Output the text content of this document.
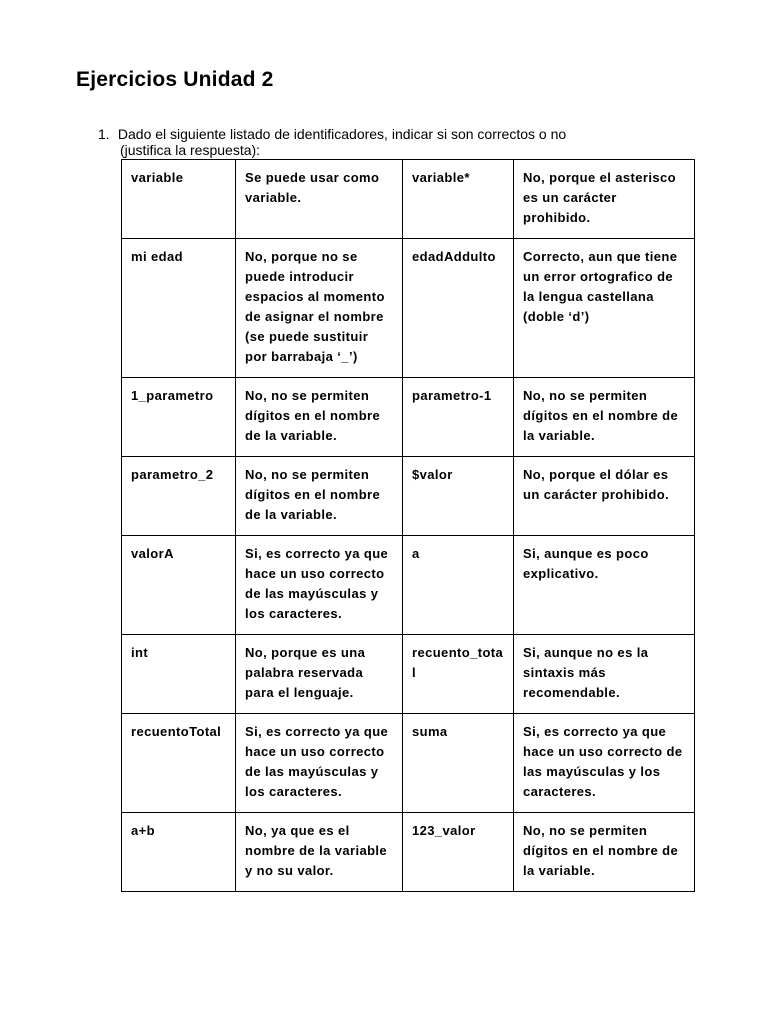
Ejercicios Unidad 2
1. Dado el siguiente listado de identificadores, indicar si son correctos o no
(justifica la respuesta):
variable	Se puede usar como variable.	variable*	No, porque el asterisco es un carácter prohibido.
mi edad	No, porque no se puede introducir espacios al momento de asignar el nombre (se puede sustituir por barrabaja ‘_’)	edadAddulto	Correcto, aun que tiene un error ortografico de la lengua castellana (doble ‘d’)
1_parametro	No, no se permiten dígitos en el nombre de la variable.	parametro-1	No, no se permiten dígitos en el nombre de la variable.
parametro_2	No, no se permiten dígitos en el nombre de la variable.	$valor	No, porque el dólar es un carácter prohibido.
valorA	Si, es correcto ya que hace un uso correcto de las mayúsculas y los caracteres.	a	Si, aunque es poco explicativo.
int	No, porque es una palabra reservada para el lenguaje.	recuento_total	Si, aunque no es la sintaxis más recomendable.
recuentoTotal	Si, es correcto ya que hace un uso correcto de las mayúsculas y los caracteres.	suma	Si, es correcto ya que hace un uso correcto de las mayúsculas y los caracteres.
a+b	No, ya que es el nombre de la variable y no su valor.	123_valor	No, no se permiten dígitos en el nombre de la variable.
